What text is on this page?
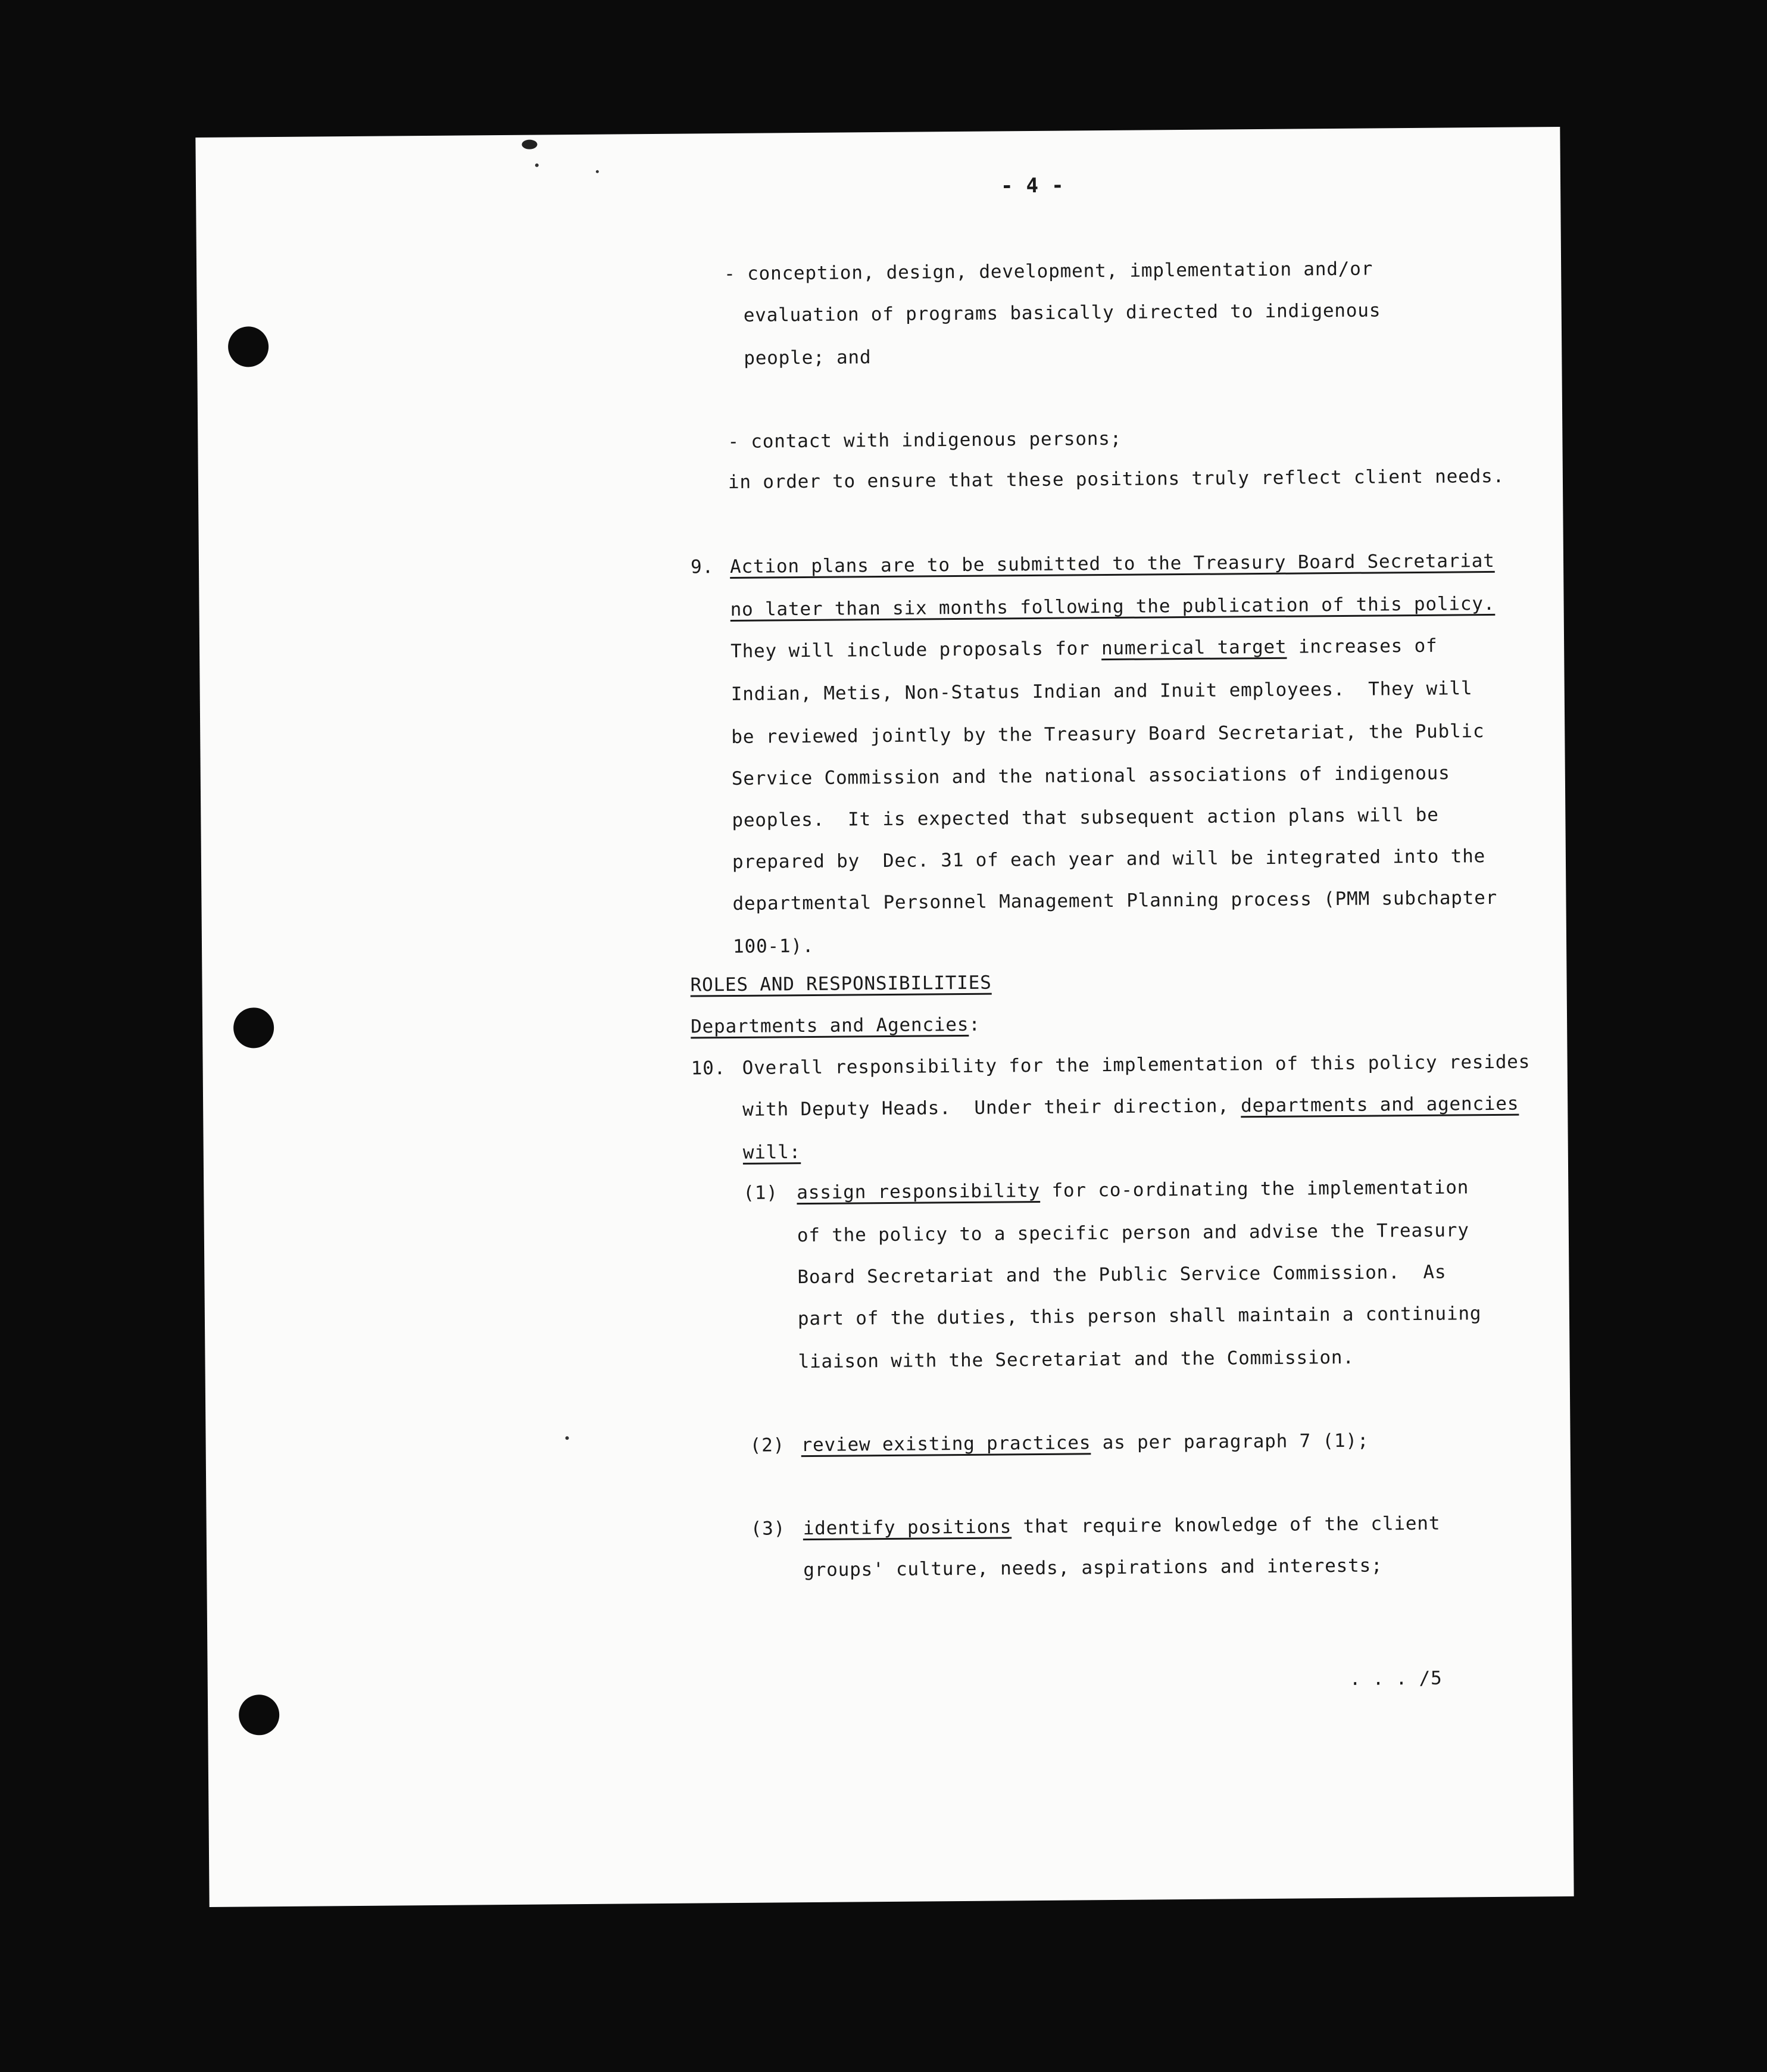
- 4 -
- conception, design, development, implementation and/or
evaluation of programs basically directed to indigenous
people; and
- contact with indigenous persons;
in order to ensure that these positions truly reflect client needs.
9. Action plans are to be submitted to the Treasury Board Secretariat
no later than six months following the publication of this policy.
They will include proposals for numerical target increases of
Indian, Metis, Non-Status Indian and Inuit employees.  They will
be reviewed jointly by the Treasury Board Secretariat, the Public
Service Commission and the national associations of indigenous
peoples.  It is expected that subsequent action plans will be
prepared by  Dec. 31 of each year and will be integrated into the
departmental Personnel Management Planning process (PMM subchapter
100-1).
ROLES AND RESPONSIBILITIES
Departments and Agencies:
10. Overall responsibility for the implementation of this policy resides
with Deputy Heads.  Under their direction, departments and agencies
will:
(1) assign responsibility for co-ordinating the implementation
of the policy to a specific person and advise the Treasury
Board Secretariat and the Public Service Commission.  As
part of the duties, this person shall maintain a continuing
liaison with the Secretariat and the Commission.
(2) review existing practices as per paragraph 7 (1);
(3) identify positions that require knowledge of the client
groups' culture, needs, aspirations and interests;
. . . /5
